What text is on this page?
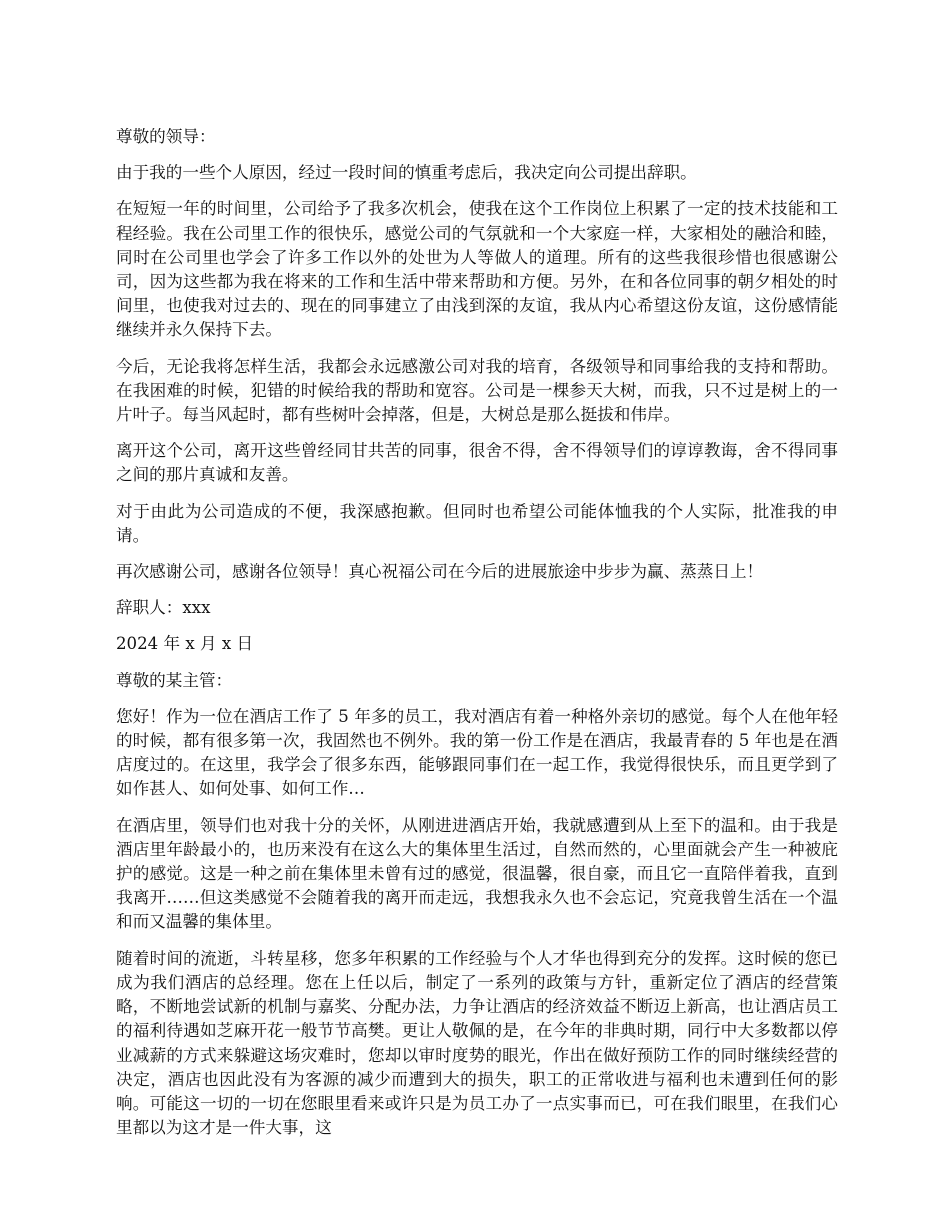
尊敬的领导：

由于我的一些个人原因，经过一段时间的慎重考虑后，我决定向公司提出辞职。

在短短一年的时间里，公司给予了我多次机会，使我在这个工作岗位上积累了一定的技术技能和工程经验。我在公司里工作的很快乐，感觉公司的气氛就和一个大家庭一样，大家相处的融洽和睦，同时在公司里也学会了许多工作以外的处世为人等做人的道理。所有的这些我很珍惜也很感谢公司，因为这些都为我在将来的工作和生活中带来帮助和方便。另外，在和各位同事的朝夕相处的时间里，也使我对过去的、现在的同事建立了由浅到深的友谊，我从内心希望这份友谊，这份感情能继续并永久保持下去。

今后，无论我将怎样生活，我都会永远感激公司对我的培育，各级领导和同事给我的支持和帮助。在我困难的时候，犯错的时候给我的帮助和宽容。公司是一棵参天大树，而我，只不过是树上的一片叶子。每当风起时，都有些树叶会掉落，但是，大树总是那么挺拔和伟岸。

离开这个公司，离开这些曾经同甘共苦的同事，很舍不得，舍不得领导们的谆谆教诲，舍不得同事之间的那片真诚和友善。

对于由此为公司造成的不便，我深感抱歉。但同时也希望公司能体恤我的个人实际，批准我的申请。

再次感谢公司，感谢各位领导！真心祝福公司在今后的进展旅途中步步为赢、蒸蒸日上！

辞职人：xxx

2024 年 x 月 x 日

尊敬的某主管：

您好！作为一位在酒店工作了 5 年多的员工，我对酒店有着一种格外亲切的感觉。每个人在他年轻的时候，都有很多第一次，我固然也不例外。我的第一份工作是在酒店，我最青春的 5 年也是在酒店度过的。在这里，我学会了很多东西，能够跟同事们在一起工作，我觉得很快乐，而且更学到了如作甚人、如何处事、如何工作…

在酒店里，领导们也对我十分的关怀，从刚进进酒店开始，我就感遭到从上至下的温和。由于我是酒店里年龄最小的，也历来没有在这么大的集体里生活过，自然而然的，心里面就会产生一种被庇护的感觉。这是一种之前在集体里未曾有过的感觉，很温馨，很自豪，而且它一直陪伴着我，直到我离开……但这类感觉不会随着我的离开而走远，我想我永久也不会忘记，究竟我曾生活在一个温和而又温馨的集体里。

随着时间的流逝，斗转星移，您多年积累的工作经验与个人才华也得到充分的发挥。这时候的您已成为我们酒店的总经理。您在上任以后，制定了一系列的政策与方针，重新定位了酒店的经营策略，不断地尝试新的机制与嘉奖、分配办法，力争让酒店的经济效益不断迈上新高，也让酒店员工的福利待遇如芝麻开花一般节节高樊。更让人敬佩的是，在今年的非典时期，同行中大多数都以停业减薪的方式来躲避这场灾难时，您却以审时度势的眼光，作出在做好预防工作的同时继续经营的决定，酒店也因此没有为客源的减少而遭到大的损失，职工的正常收进与福利也未遭到任何的影响。可能这一切的一切在您眼里看来或许只是为员工办了一点实事而已，可在我们眼里，在我们心里都以为这才是一件大事，这
